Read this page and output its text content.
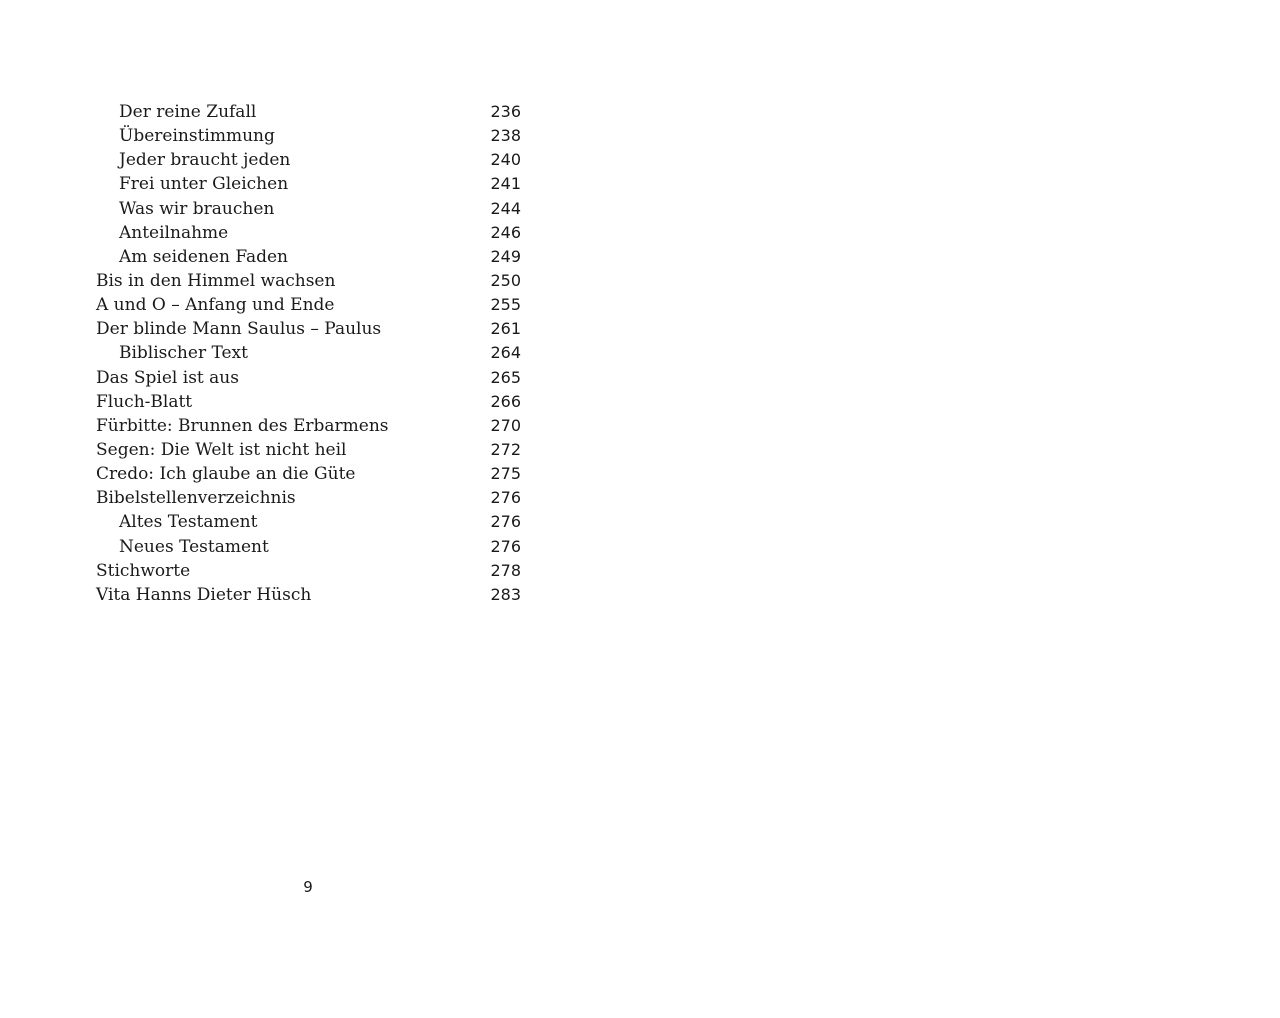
Der reine Zufall	236
Übereinstimmung	238
Jeder braucht jeden	240
Frei unter Gleichen	241
Was wir brauchen	244
Anteilnahme	246
Am seidenen Faden	249
Bis in den Himmel wachsen	250
A und O – Anfang und Ende	255
Der blinde Mann Saulus – Paulus	261
Biblischer Text	264
Das Spiel ist aus	265
Fluch-Blatt	266
Fürbitte: Brunnen des Erbarmens	270
Segen: Die Welt ist nicht heil	272
Credo: Ich glaube an die Güte	275
Bibelstellenverzeichnis	276
Altes Testament	276
Neues Testament	276
Stichworte	278
Vita Hanns Dieter Hüsch	283
9
